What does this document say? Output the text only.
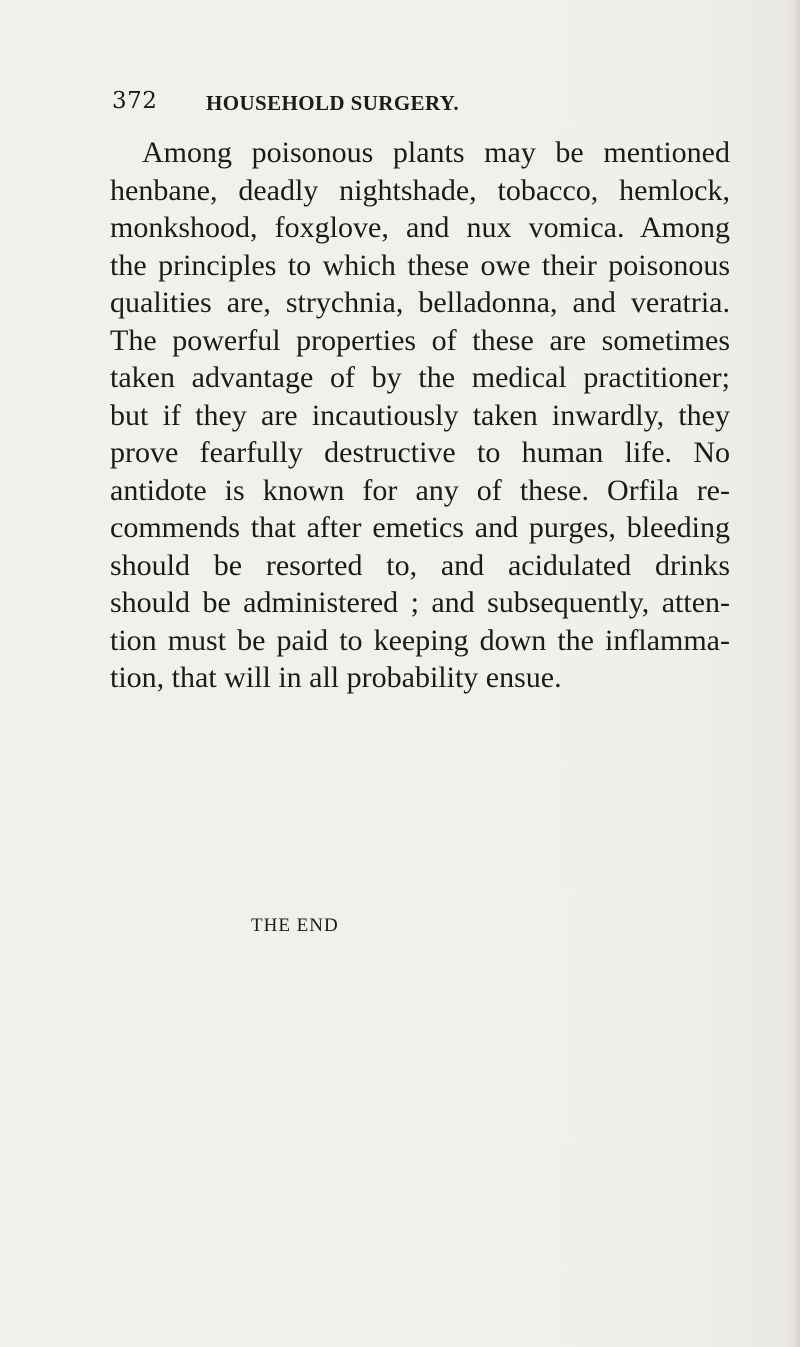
372 HOUSEHOLD SURGERY.
Among poisonous plants may be mentioned
henbane, deadly nightshade, tobacco, hemlock,
monkshood, foxglove, and nux vomica. Among
the principles to which these owe their poisonous
qualities are, strychnia, belladonna, and veratria.
The powerful properties of these are sometimes
taken advantage of by the medical practitioner;
but if they are incautiously taken inwardly, they
prove fearfully destructive to human life. No
antidote is known for any of these. Orfila re-
commends that after emetics and purges, bleeding
should be resorted to, and acidulated drinks
should be administered ; and subsequently, atten-
tion must be paid to keeping down the inflamma-
tion, that will in all probability ensue.
THE END
